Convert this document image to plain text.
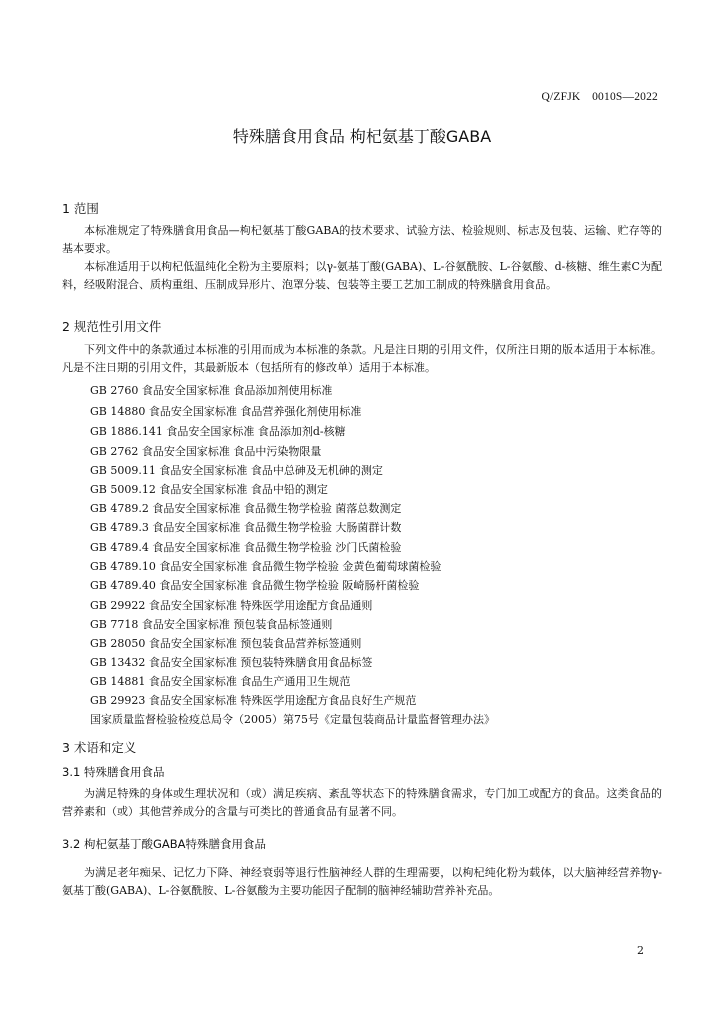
Q/ZFJK　0010S—2022
特殊膳食用食品 枸杞氨基丁酸GABA
1 范围
本标准规定了特殊膳食用食品—枸杞氨基丁酸GABA的技术要求、试验方法、检验规则、标志及包装、运输、贮存等的基本要求。
本标准适用于以枸杞低温纯化全粉为主要原料；以γ-氨基丁酸(GABA)、L-谷氨酰胺、L-谷氨酸、d-核糖、维生素C为配料，经吸附混合、质构重组、压制成异形片、泡罩分装、包装等主要工艺加工制成的特殊膳食用食品。
2 规范性引用文件
下列文件中的条款通过本标准的引用而成为本标准的条款。凡是注日期的引用文件，仅所注日期的版本适用于本标准。凡是不注日期的引用文件，其最新版本（包括所有的修改单）适用于本标准。
GB 2760 食品安全国家标准 食品添加剂使用标准
GB 14880 食品安全国家标准 食品营养强化剂使用标准
GB 1886.141 食品安全国家标准 食品添加剂d-核糖
GB 2762 食品安全国家标准 食品中污染物限量
GB 5009.11 食品安全国家标准 食品中总砷及无机砷的测定
GB 5009.12 食品安全国家标准 食品中铅的测定
GB 4789.2 食品安全国家标准 食品微生物学检验 菌落总数测定
GB 4789.3 食品安全国家标准 食品微生物学检验 大肠菌群计数
GB 4789.4 食品安全国家标准 食品微生物学检验 沙门氏菌检验
GB 4789.10 食品安全国家标准 食品微生物学检验 金黄色葡萄球菌检验
GB 4789.40 食品安全国家标准 食品微生物学检验 阪崎肠杆菌检验
GB 29922 食品安全国家标准 特殊医学用途配方食品通则
GB 7718 食品安全国家标准 预包装食品标签通则
GB 28050 食品安全国家标准 预包装食品营养标签通则
GB 13432 食品安全国家标准 预包装特殊膳食用食品标签
GB 14881 食品安全国家标准 食品生产通用卫生规范
GB 29923 食品安全国家标准 特殊医学用途配方食品良好生产规范
国家质量监督检验检疫总局令（2005）第75号《定量包装商品计量监督管理办法》
3 术语和定义
3.1 特殊膳食用食品
为满足特殊的身体或生理状况和（或）满足疾病、紊乱等状态下的特殊膳食需求，专门加工或配方的食品。这类食品的营养素和（或）其他营养成分的含量与可类比的普通食品有显著不同。
3.2 枸杞氨基丁酸GABA特殊膳食用食品
为满足老年痴呆、记忆力下降、神经衰弱等退行性脑神经人群的生理需要，以枸杞纯化粉为载体，以大脑神经营养物γ-氨基丁酸(GABA)、L-谷氨酰胺、L-谷氨酸为主要功能因子配制的脑神经辅助营养补充品。
2
